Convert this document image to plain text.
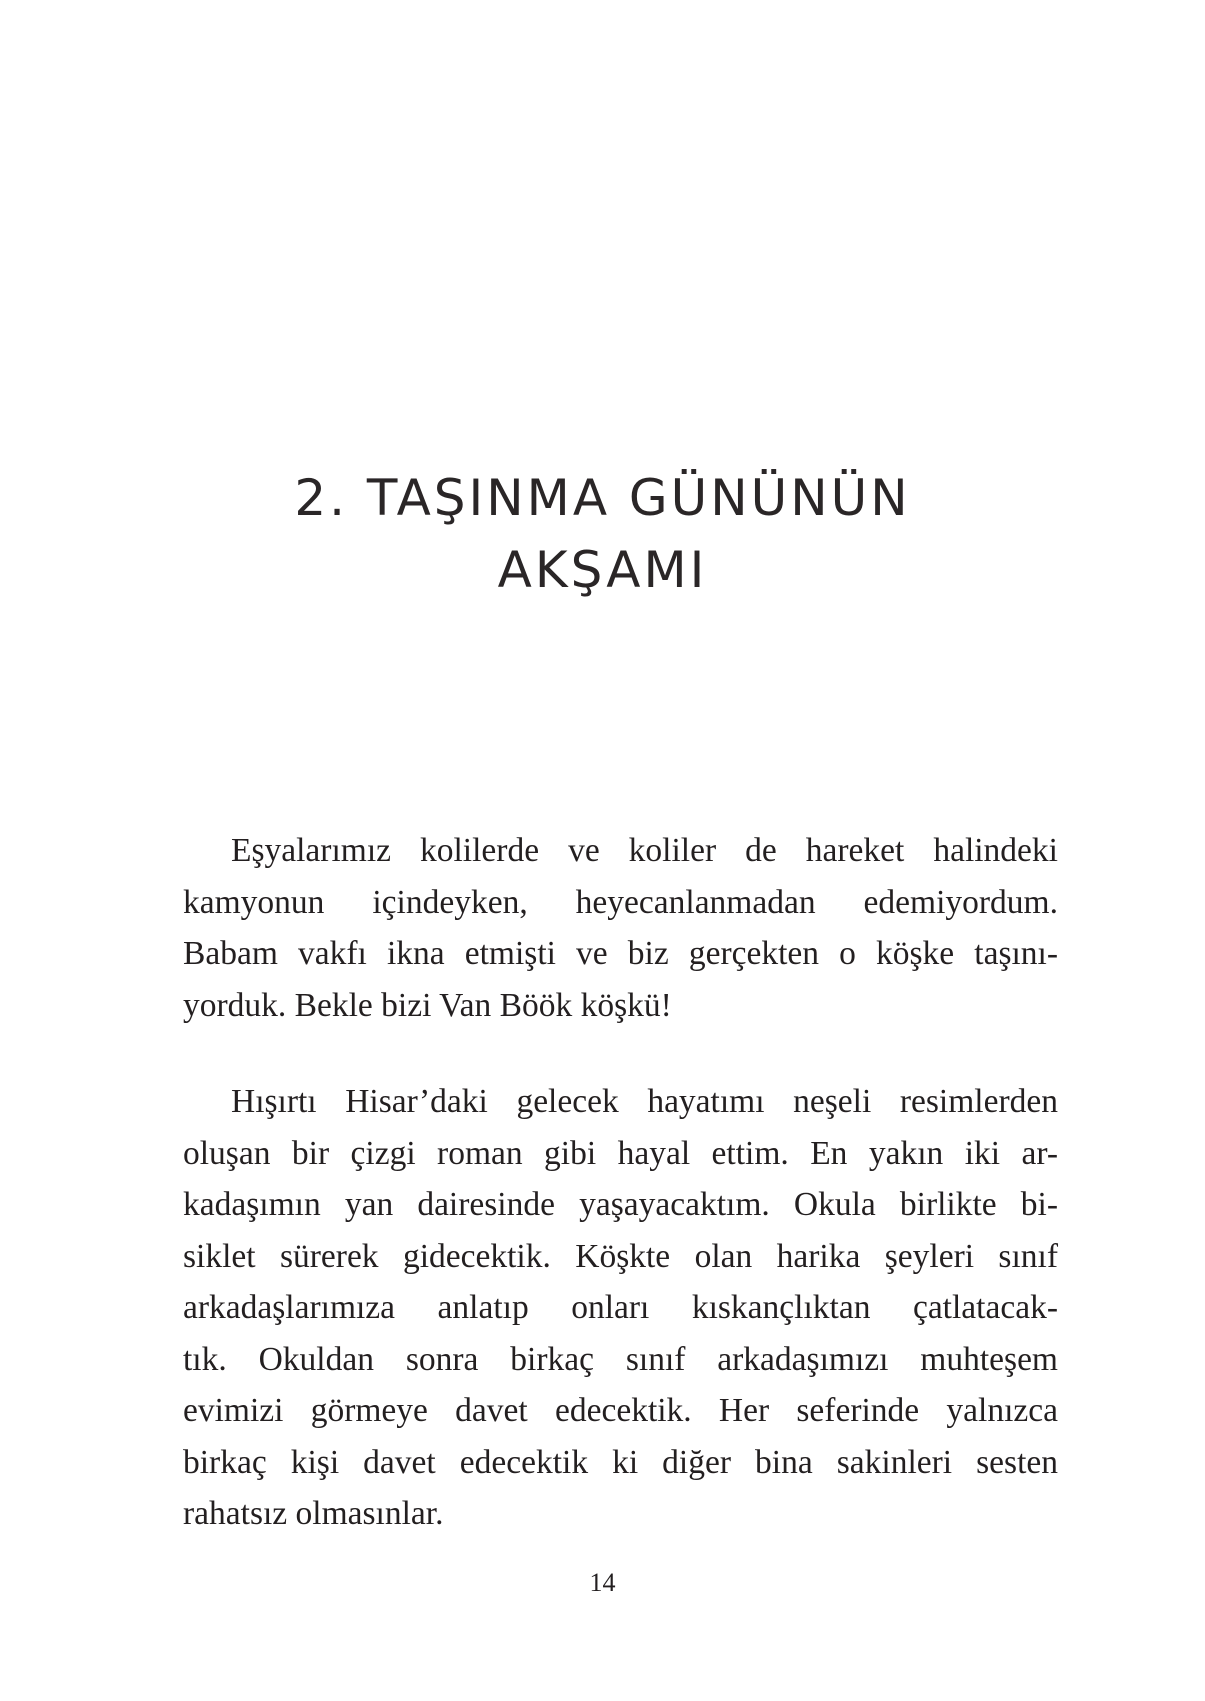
2. TAŞINMA GÜNÜNÜN
AKŞAMI

Eşyalarımız kolilerde ve koliler de hareket halindeki
kamyonun içindeyken, heyecanlanmadan edemiyordum.
Babam vakfı ikna etmişti ve biz gerçekten o köşke taşını-
yorduk. Bekle bizi Van Böök köşkü!

Hışırtı Hisar’daki gelecek hayatımı neşeli resimlerden
oluşan bir çizgi roman gibi hayal ettim. En yakın iki ar-
kadaşımın yan dairesinde yaşayacaktım. Okula birlikte bi-
siklet sürerek gidecektik. Köşkte olan harika şeyleri sınıf
arkadaşlarımıza anlatıp onları kıskançlıktan çatlatacak-
tık. Okuldan sonra birkaç sınıf arkadaşımızı muhteşem
evimizi görmeye davet edecektik. Her seferinde yalnızca
birkaç kişi davet edecektik ki diğer bina sakinleri sesten
rahatsız olmasınlar.

14
